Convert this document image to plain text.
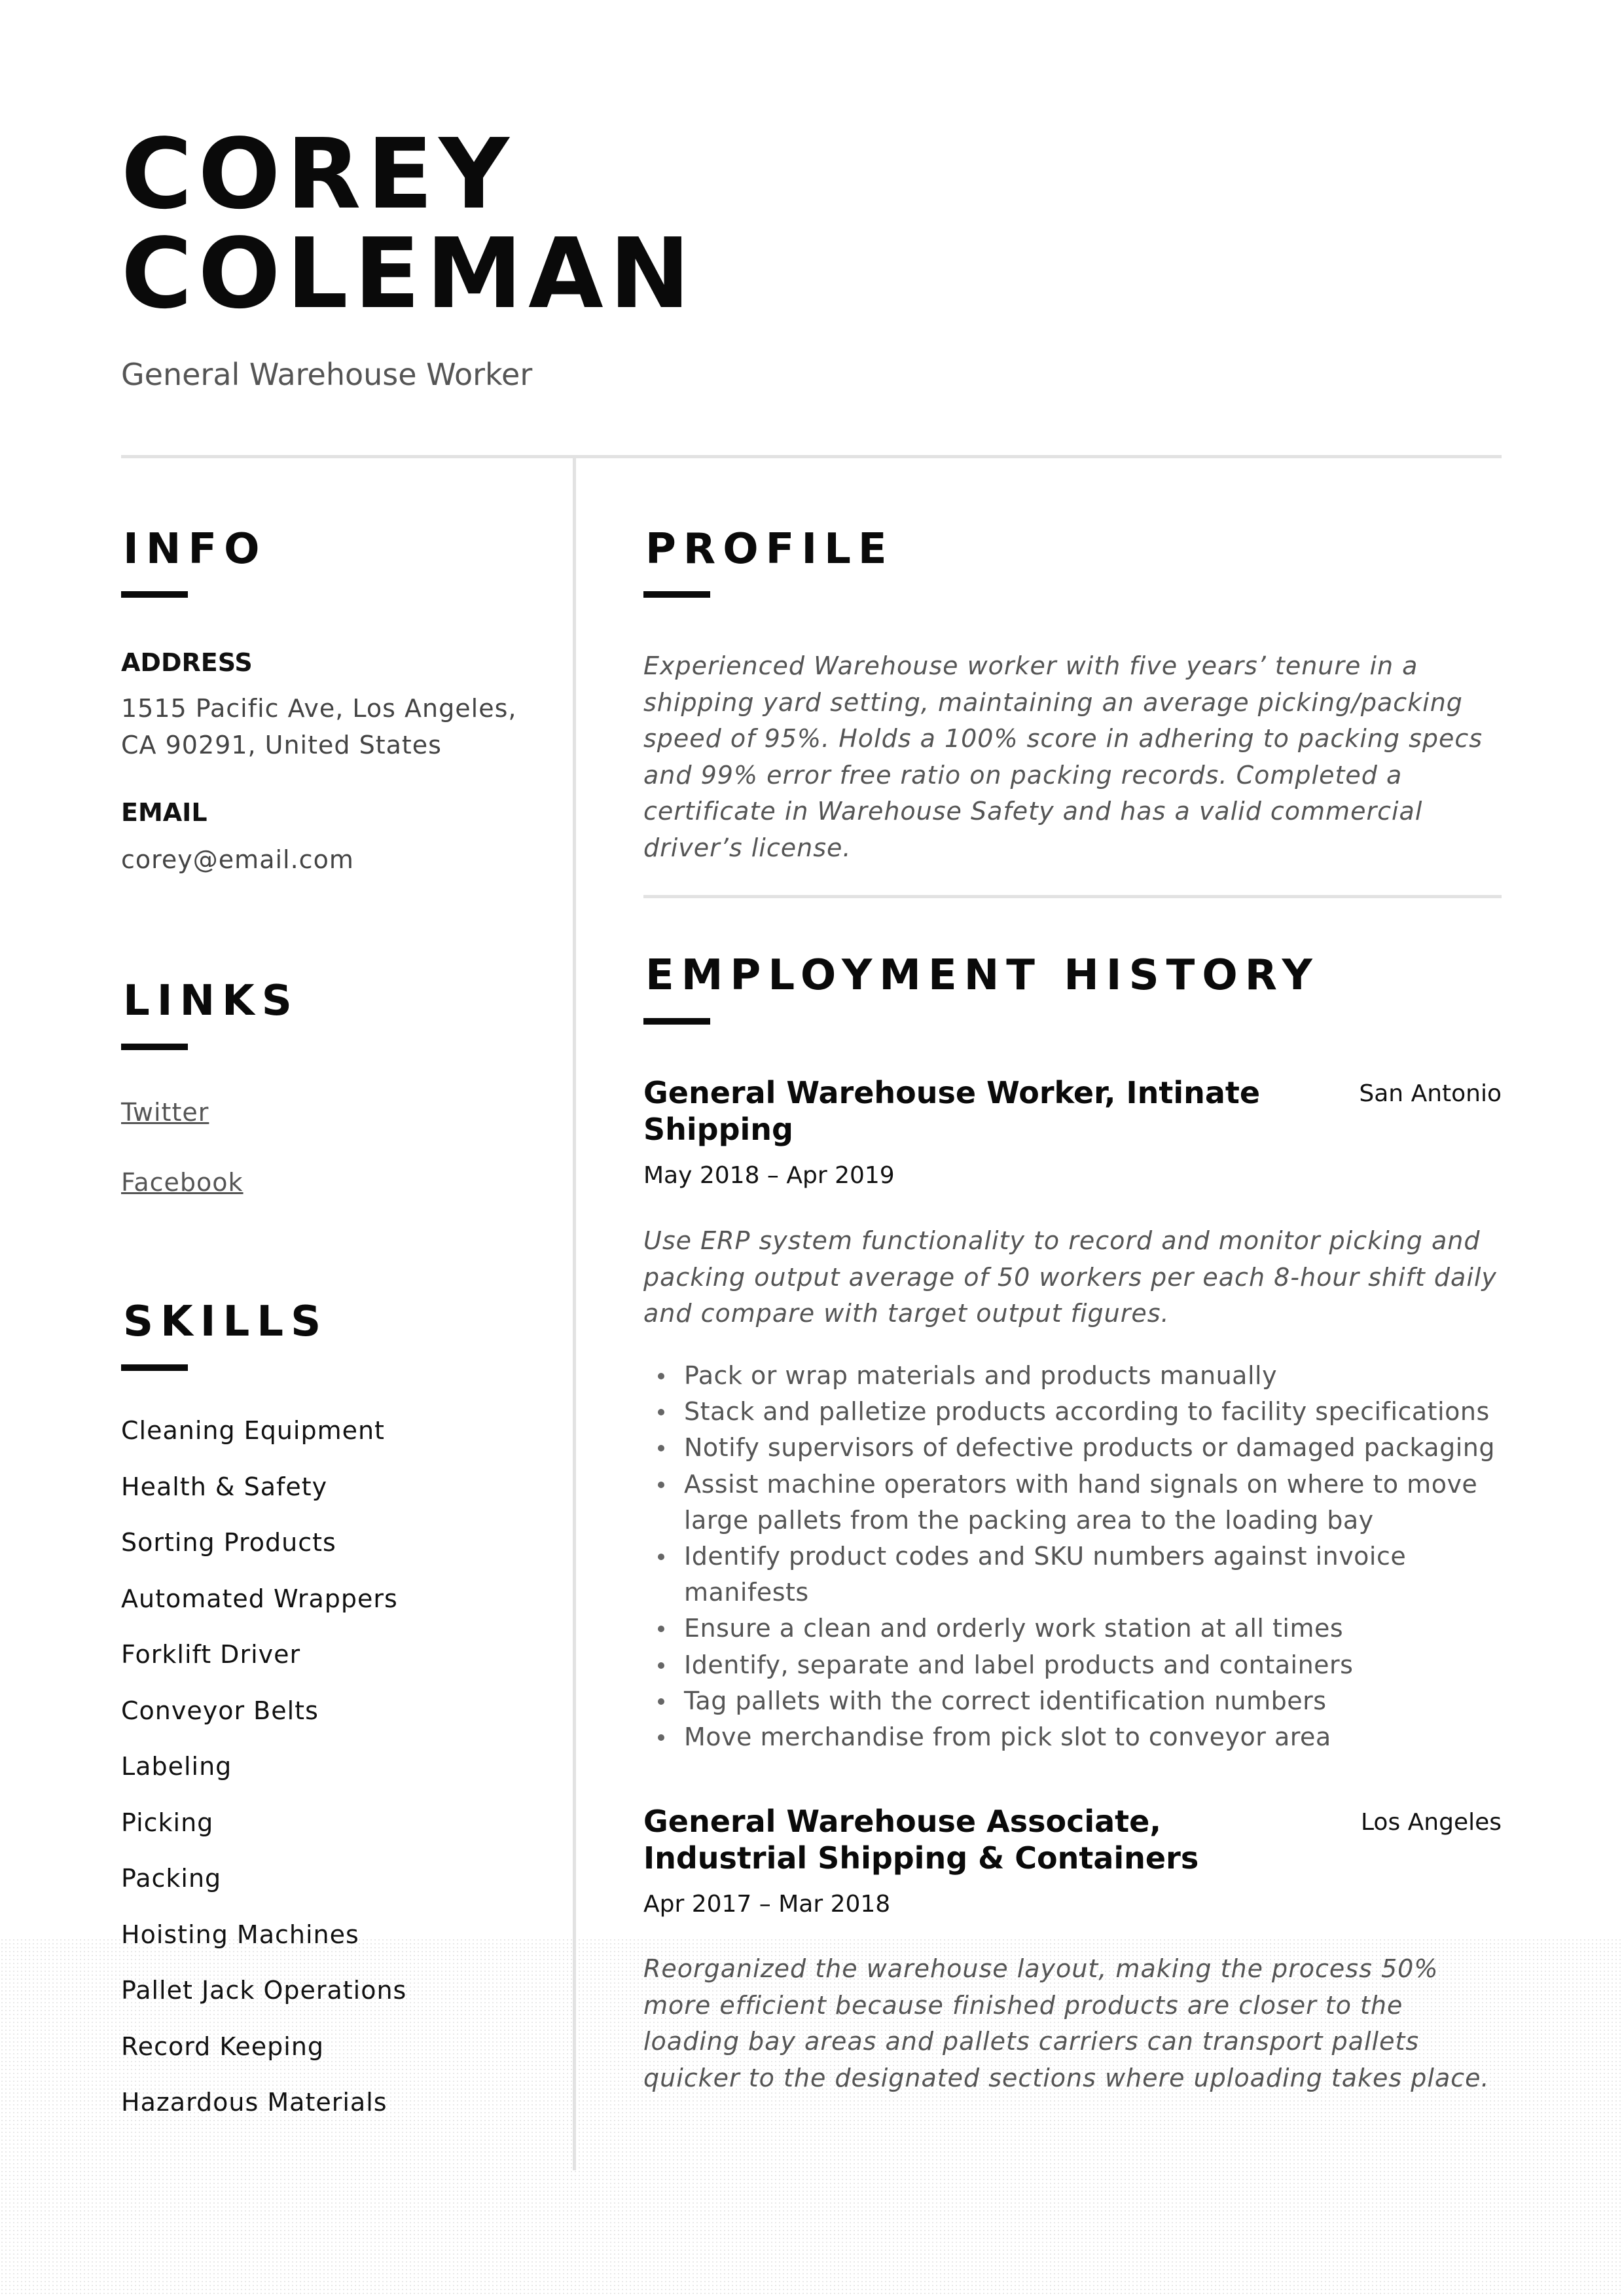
COREY
COLEMAN
General Warehouse Worker
INFO
ADDRESS
1515 Pacific Ave, Los Angeles,
CA 90291, United States
EMAIL
corey@email.com
LINKS
Twitter
Facebook
SKILLS
Cleaning Equipment
Health & Safety
Sorting Products
Automated Wrappers
Forklift Driver
Conveyor Belts
Labeling
Picking
Packing
Hoisting Machines
Pallet Jack Operations
Record Keeping
Hazardous Materials
PROFILE

Experienced Warehouse worker with five years’ tenure in a shipping yard setting, maintaining an average picking/packing speed of 95%. Holds a 100% score in adhering to packing specs and 99% error free ratio on packing records. Completed a certificate in Warehouse Safety and has a valid commercial driver’s license.

EMPLOYMENT HISTORY
General Warehouse Worker, Intinate Shipping
San Antonio
May 2018 – Apr 2019

Use ERP system functionality to record and monitor picking and packing output average of 50 workers per each 8-hour shift daily and compare with target output figures.

Pack or wrap materials and products manually
Stack and palletize products according to facility specifications
Notify supervisors of defective products or damaged packaging
Assist machine operators with hand signals on where to move large pallets from the packing area to the loading bay
Identify product codes and SKU numbers against invoice manifests
Ensure a clean and orderly work station at all times
Identify, separate and label products and containers
Tag pallets with the correct identification numbers
Move merchandise from pick slot to conveyor area
General Warehouse Associate, Industrial Shipping & Containers
Los Angeles
Apr 2017 – Mar 2018

Reorganized the warehouse layout, making the process 50% more efficient because finished products are closer to the loading bay areas and pallets carriers can transport pallets quicker to the designated sections where uploading takes place.
